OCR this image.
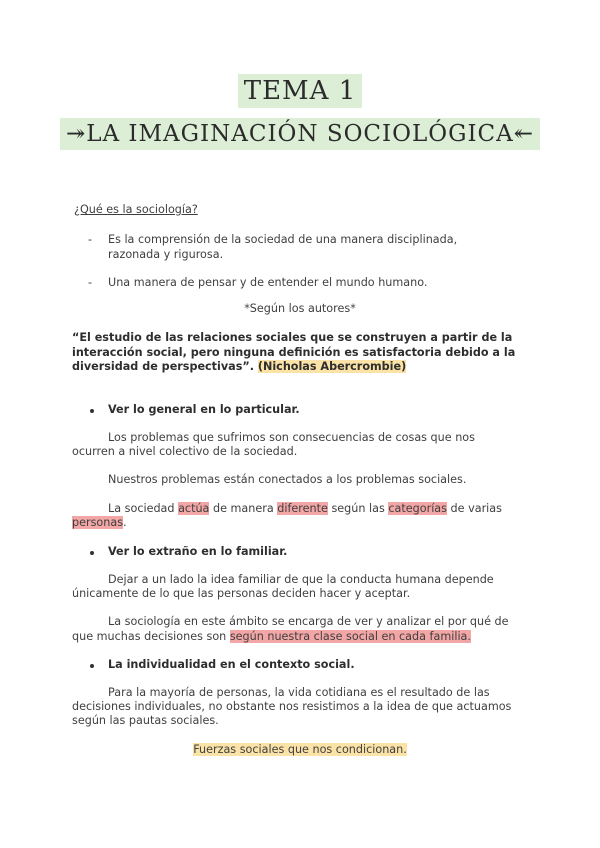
TEMA 1
↠LA IMAGINACIÓN SOCIOLÓGICA↞
¿Qué es la sociología?
- Es la comprensión de la sociedad de una manera disciplinada,
razonada y rigurosa.
- Una manera de pensar y de entender el mundo humano.
*Según los autores*
“El estudio de las relaciones sociales que se construyen a partir de la
interacción social, pero ninguna definición es satisfactoria debido a la
diversidad de perspectivas”. (Nicholas Abercrombie)
Ver lo general en lo particular.
Los problemas que sufrimos son consecuencias de cosas que nos
ocurren a nivel colectivo de la sociedad.
Nuestros problemas están conectados a los problemas sociales.
La sociedad actúa de manera diferente según las categorías de varias
personas.
Ver lo extraño en lo familiar.
Dejar a un lado la idea familiar de que la conducta humana depende
únicamente de lo que las personas deciden hacer y aceptar.
La sociología en este ámbito se encarga de ver y analizar el por qué de
que muchas decisiones son según nuestra clase social en cada familia.
La individualidad en el contexto social.
Para la mayoría de personas, la vida cotidiana es el resultado de las
decisiones individuales, no obstante nos resistimos a la idea de que actuamos
según las pautas sociales.
Fuerzas sociales que nos condicionan.
